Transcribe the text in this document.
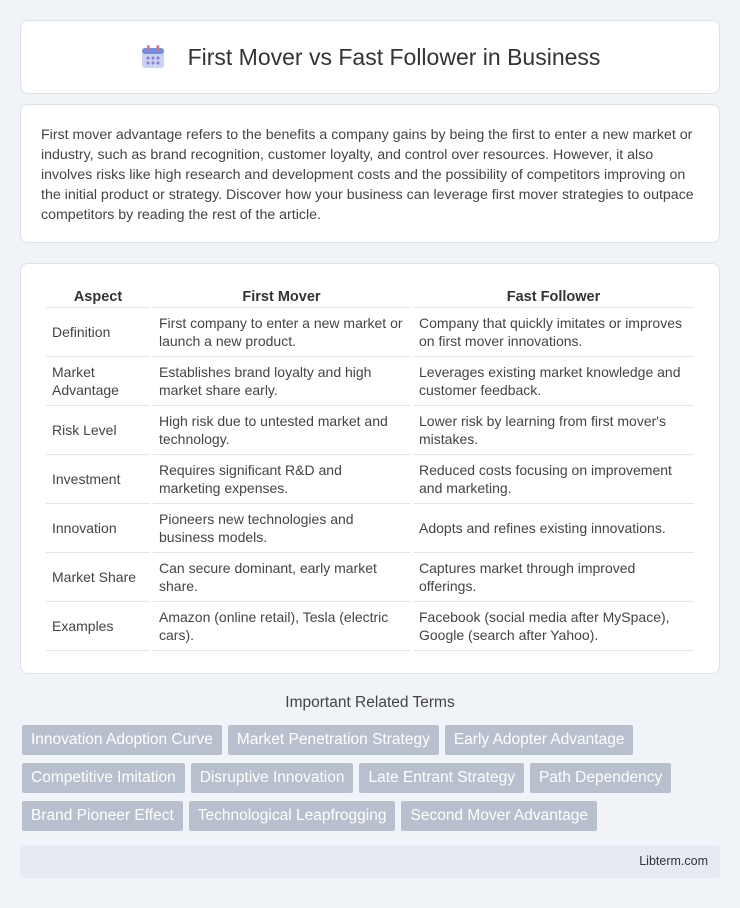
First Mover vs Fast Follower in Business

First mover advantage refers to the benefits a company gains by being the first to enter a new market or industry, such as brand recognition, customer loyalty, and control over resources. However, it also involves risks like high research and development costs and the possibility of competitors improving on the initial product or strategy. Discover how your business can leverage first mover strategies to outpace competitors by reading the rest of the article.

Aspect	First Mover	Fast Follower
Definition	First company to enter a new market or launch a new product.	Company that quickly imitates or improves on first mover innovations.
Market Advantage	Establishes brand loyalty and high market share early.	Leverages existing market knowledge and customer feedback.
Risk Level	High risk due to untested market and technology.	Lower risk by learning from first mover's mistakes.
Investment	Requires significant R&D and marketing expenses.	Reduced costs focusing on improvement and marketing.
Innovation	Pioneers new technologies and business models.	Adopts and refines existing innovations.
Market Share	Can secure dominant, early market share.	Captures market through improved offerings.
Examples	Amazon (online retail), Tesla (electric cars).	Facebook (social media after MySpace), Google (search after Yahoo).
Important Related Terms
Innovation Adoption Curve	Market Penetration Strategy	Early Adopter Advantage
Competitive Imitation	Disruptive Innovation	Late Entrant Strategy	Path Dependency
Brand Pioneer Effect	Technological Leapfrogging	Second Mover Advantage
Libterm.com
